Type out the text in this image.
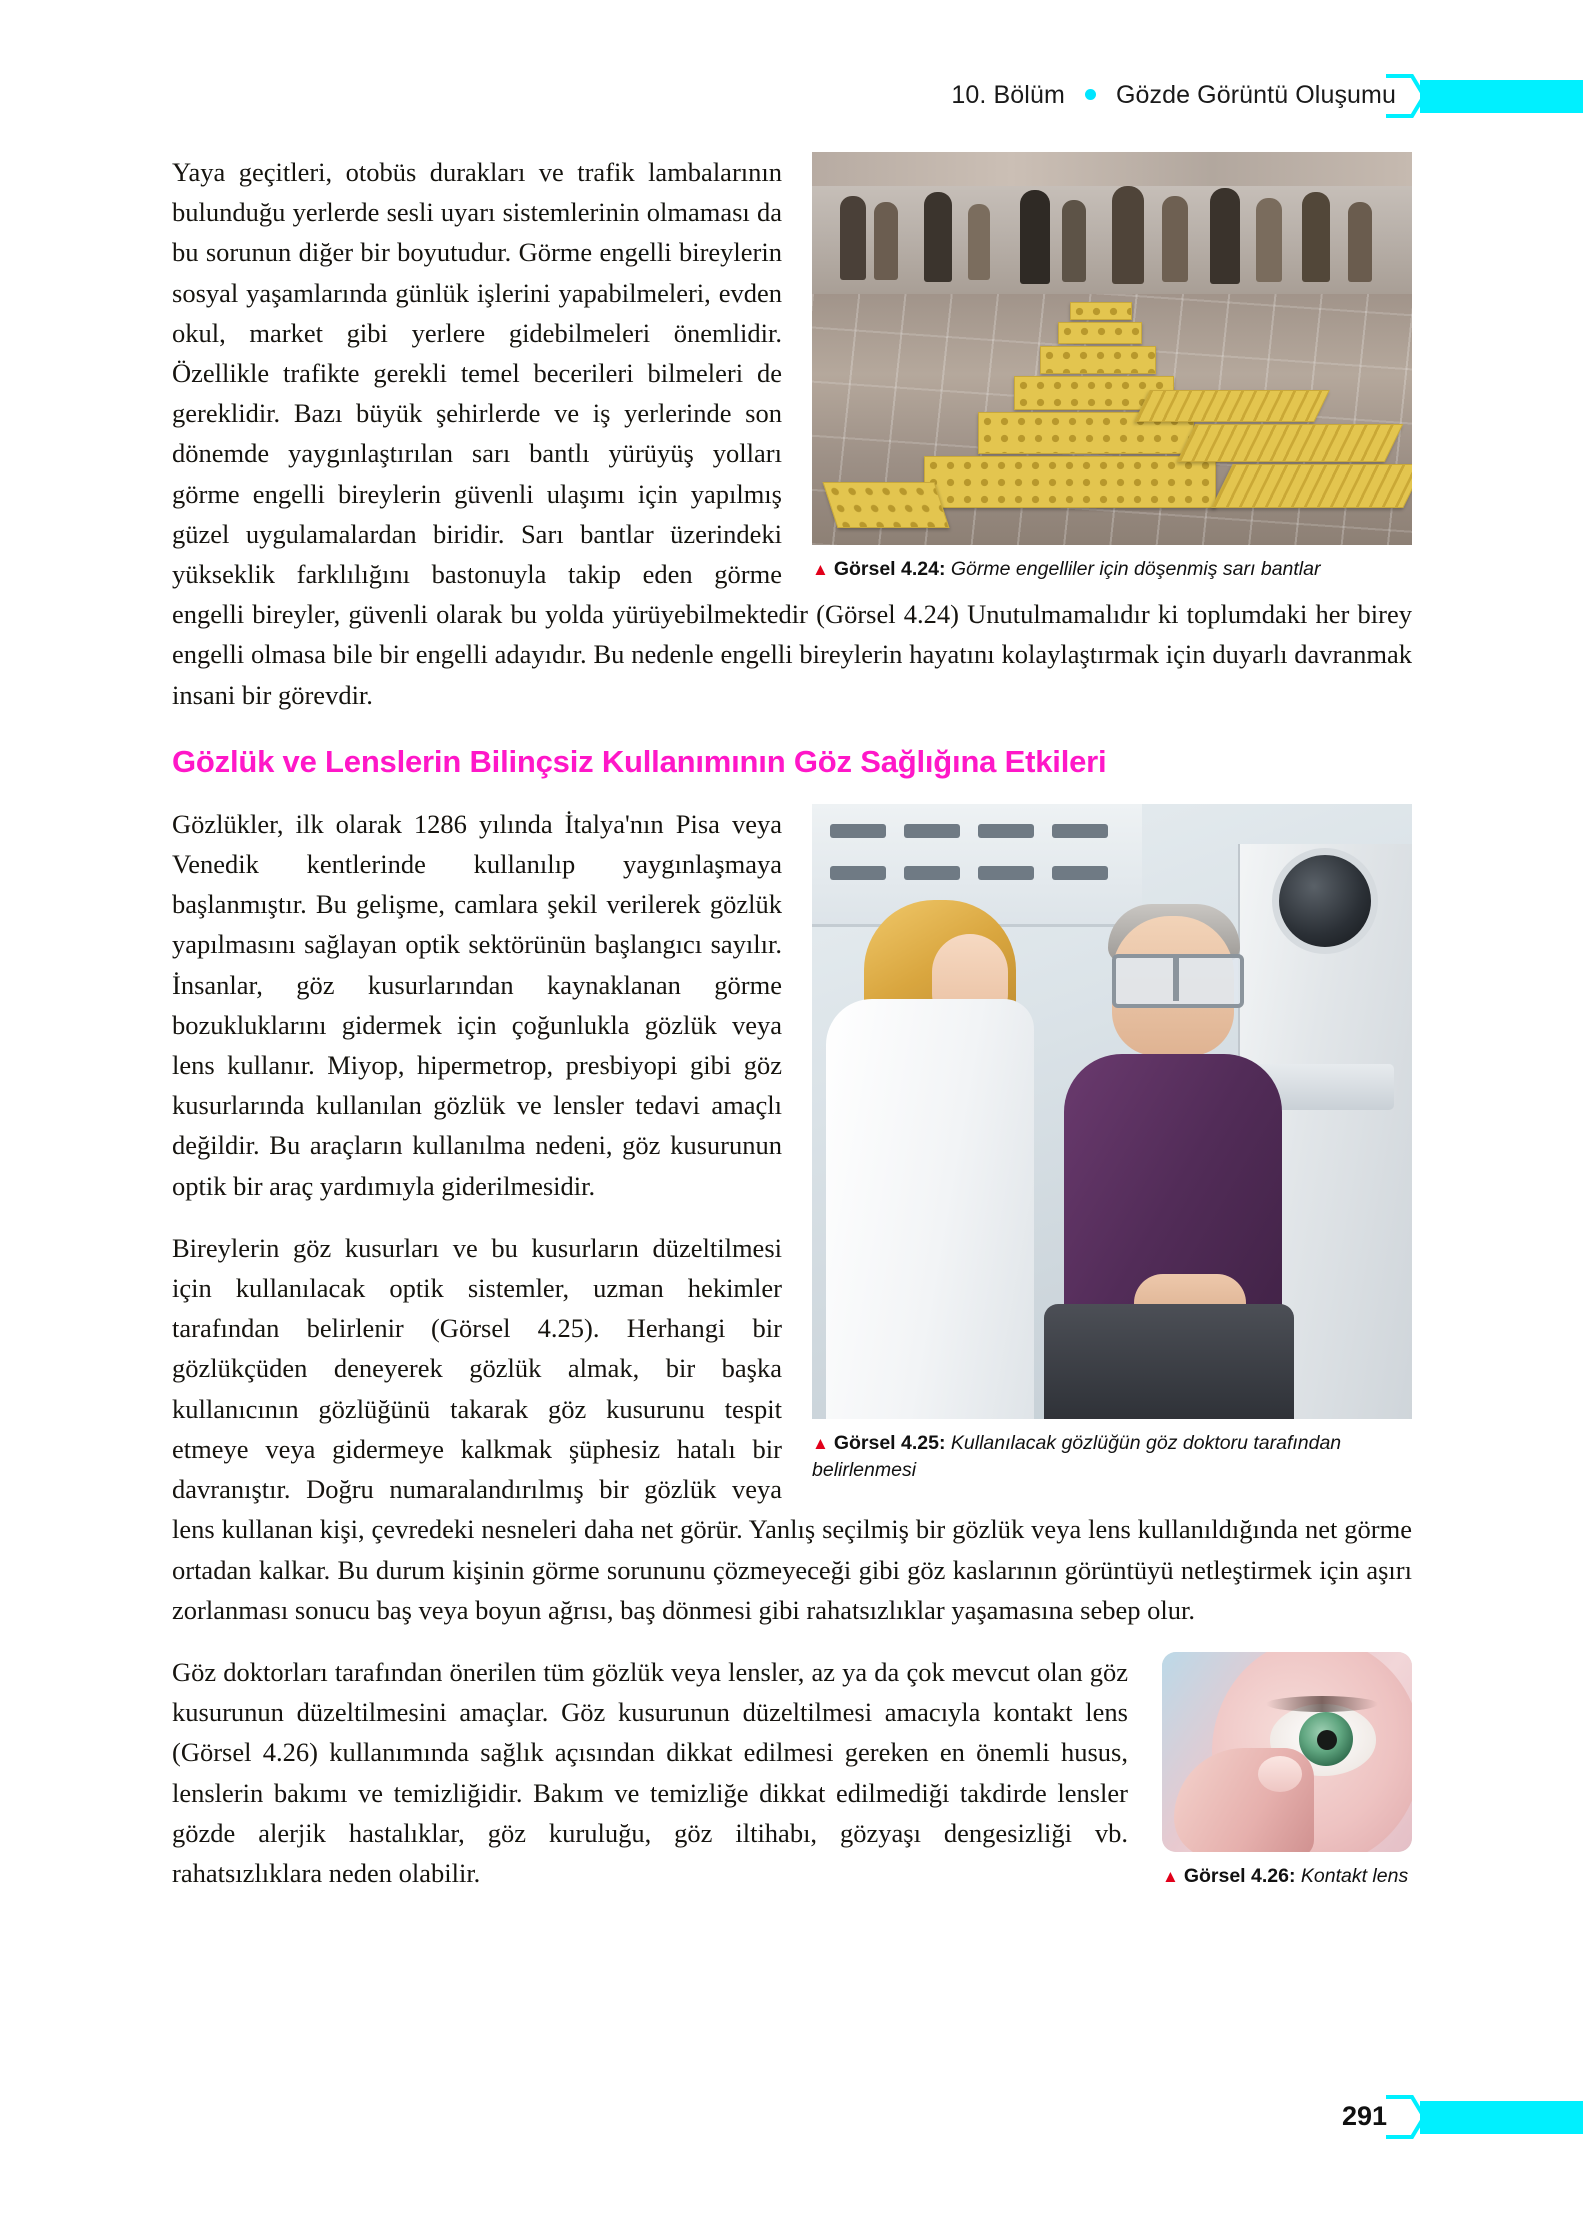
10. Bölüm Gözde Görüntü Oluşumu
▲ Görsel 4.24: Görme engelliler için döşenmiş sarı bantlar

Yaya geçitleri, otobüs durakları ve trafik lambalarının bulunduğu yerlerde sesli uyarı sistemlerinin olmaması da bu sorunun diğer bir boyutudur. Görme engelli bireylerin sosyal yaşamlarında günlük işlerini yapabilmeleri, evden okul, market gibi yerlere gidebilmeleri önemlidir. Özellikle trafikte gerekli temel becerileri bilmeleri de gereklidir. Bazı büyük şehirlerde ve iş yerlerinde son dönemde yaygınlaştırılan sarı bantlı yürüyüş yolları görme engelli bireylerin güvenli ulaşımı için yapılmış güzel uygulamalardan biridir. Sarı bantlar üzerindeki yükseklik farklılığını bastonuyla takip eden görme engelli bireyler, güvenli olarak bu yolda yürüyebilmektedir (Görsel 4.24) Unutulmamalıdır ki toplumdaki her birey engelli olmasa bile bir engelli adayıdır. Bu nedenle engelli bireylerin hayatını kolaylaştırmak için duyarlı davranmak insani bir görevdir.

Gözlük ve Lenslerin Bilinçsiz Kullanımının Göz Sağlığına Etkileri
▲ Görsel 4.25: Kullanılacak gözlüğün göz doktoru tarafından belirlenmesi

Gözlükler, ilk olarak 1286 yılında İtalya'nın Pisa veya Venedik kentlerinde kullanılıp yaygınlaşmaya başlanmıştır. Bu gelişme, camlara şekil verilerek gözlük yapılmasını sağlayan optik sektörünün başlangıcı sayılır. İnsanlar, göz kusurlarından kaynaklanan görme bozukluklarını gidermek için çoğunlukla gözlük veya lens kullanır. Miyop, hipermetrop, presbiyopi gibi göz kusurlarında kullanılan gözlük ve lensler tedavi amaçlı değildir. Bu araçların kullanılma nedeni, göz kusurunun optik bir araç yardımıyla giderilmesidir.

Bireylerin göz kusurları ve bu kusurların düzeltilmesi için kullanılacak optik sistemler, uzman hekimler tarafından belirlenir (Görsel 4.25). Herhangi bir gözlükçüden deneyerek gözlük almak, bir başka kullanıcının gözlüğünü takarak göz kusurunu tespit etmeye veya gidermeye kalkmak şüphesiz hatalı bir davranıştır. Doğru numaralandırılmış bir gözlük veya lens kullanan kişi, çevredeki nesneleri daha net görür. Yanlış seçilmiş bir gözlük veya lens kullanıldığında net görme ortadan kalkar. Bu durum kişinin görme sorununu çözmeyeceği gibi göz kaslarının görüntüyü netleştirmek için aşırı zorlanması sonucu baş veya boyun ağrısı, baş dönmesi gibi rahatsızlıklar yaşamasına sebep olur.

▲ Görsel 4.26: Kontakt lens

Göz doktorları tarafından önerilen tüm gözlük veya lensler, az ya da çok mevcut olan göz kusurunun düzeltilmesini amaçlar. Göz kusurunun düzeltilmesi amacıyla kontakt lens (Görsel 4.26) kullanımında sağlık açısından dikkat edilmesi gereken en önemli husus, lenslerin bakımı ve temizliğidir. Bakım ve temizliğe dikkat edilmediği takdirde lensler gözde alerjik hastalıklar, göz kuruluğu, göz iltihabı, gözyaşı dengesizliği vb. rahatsızlıklara neden olabilir.

291
